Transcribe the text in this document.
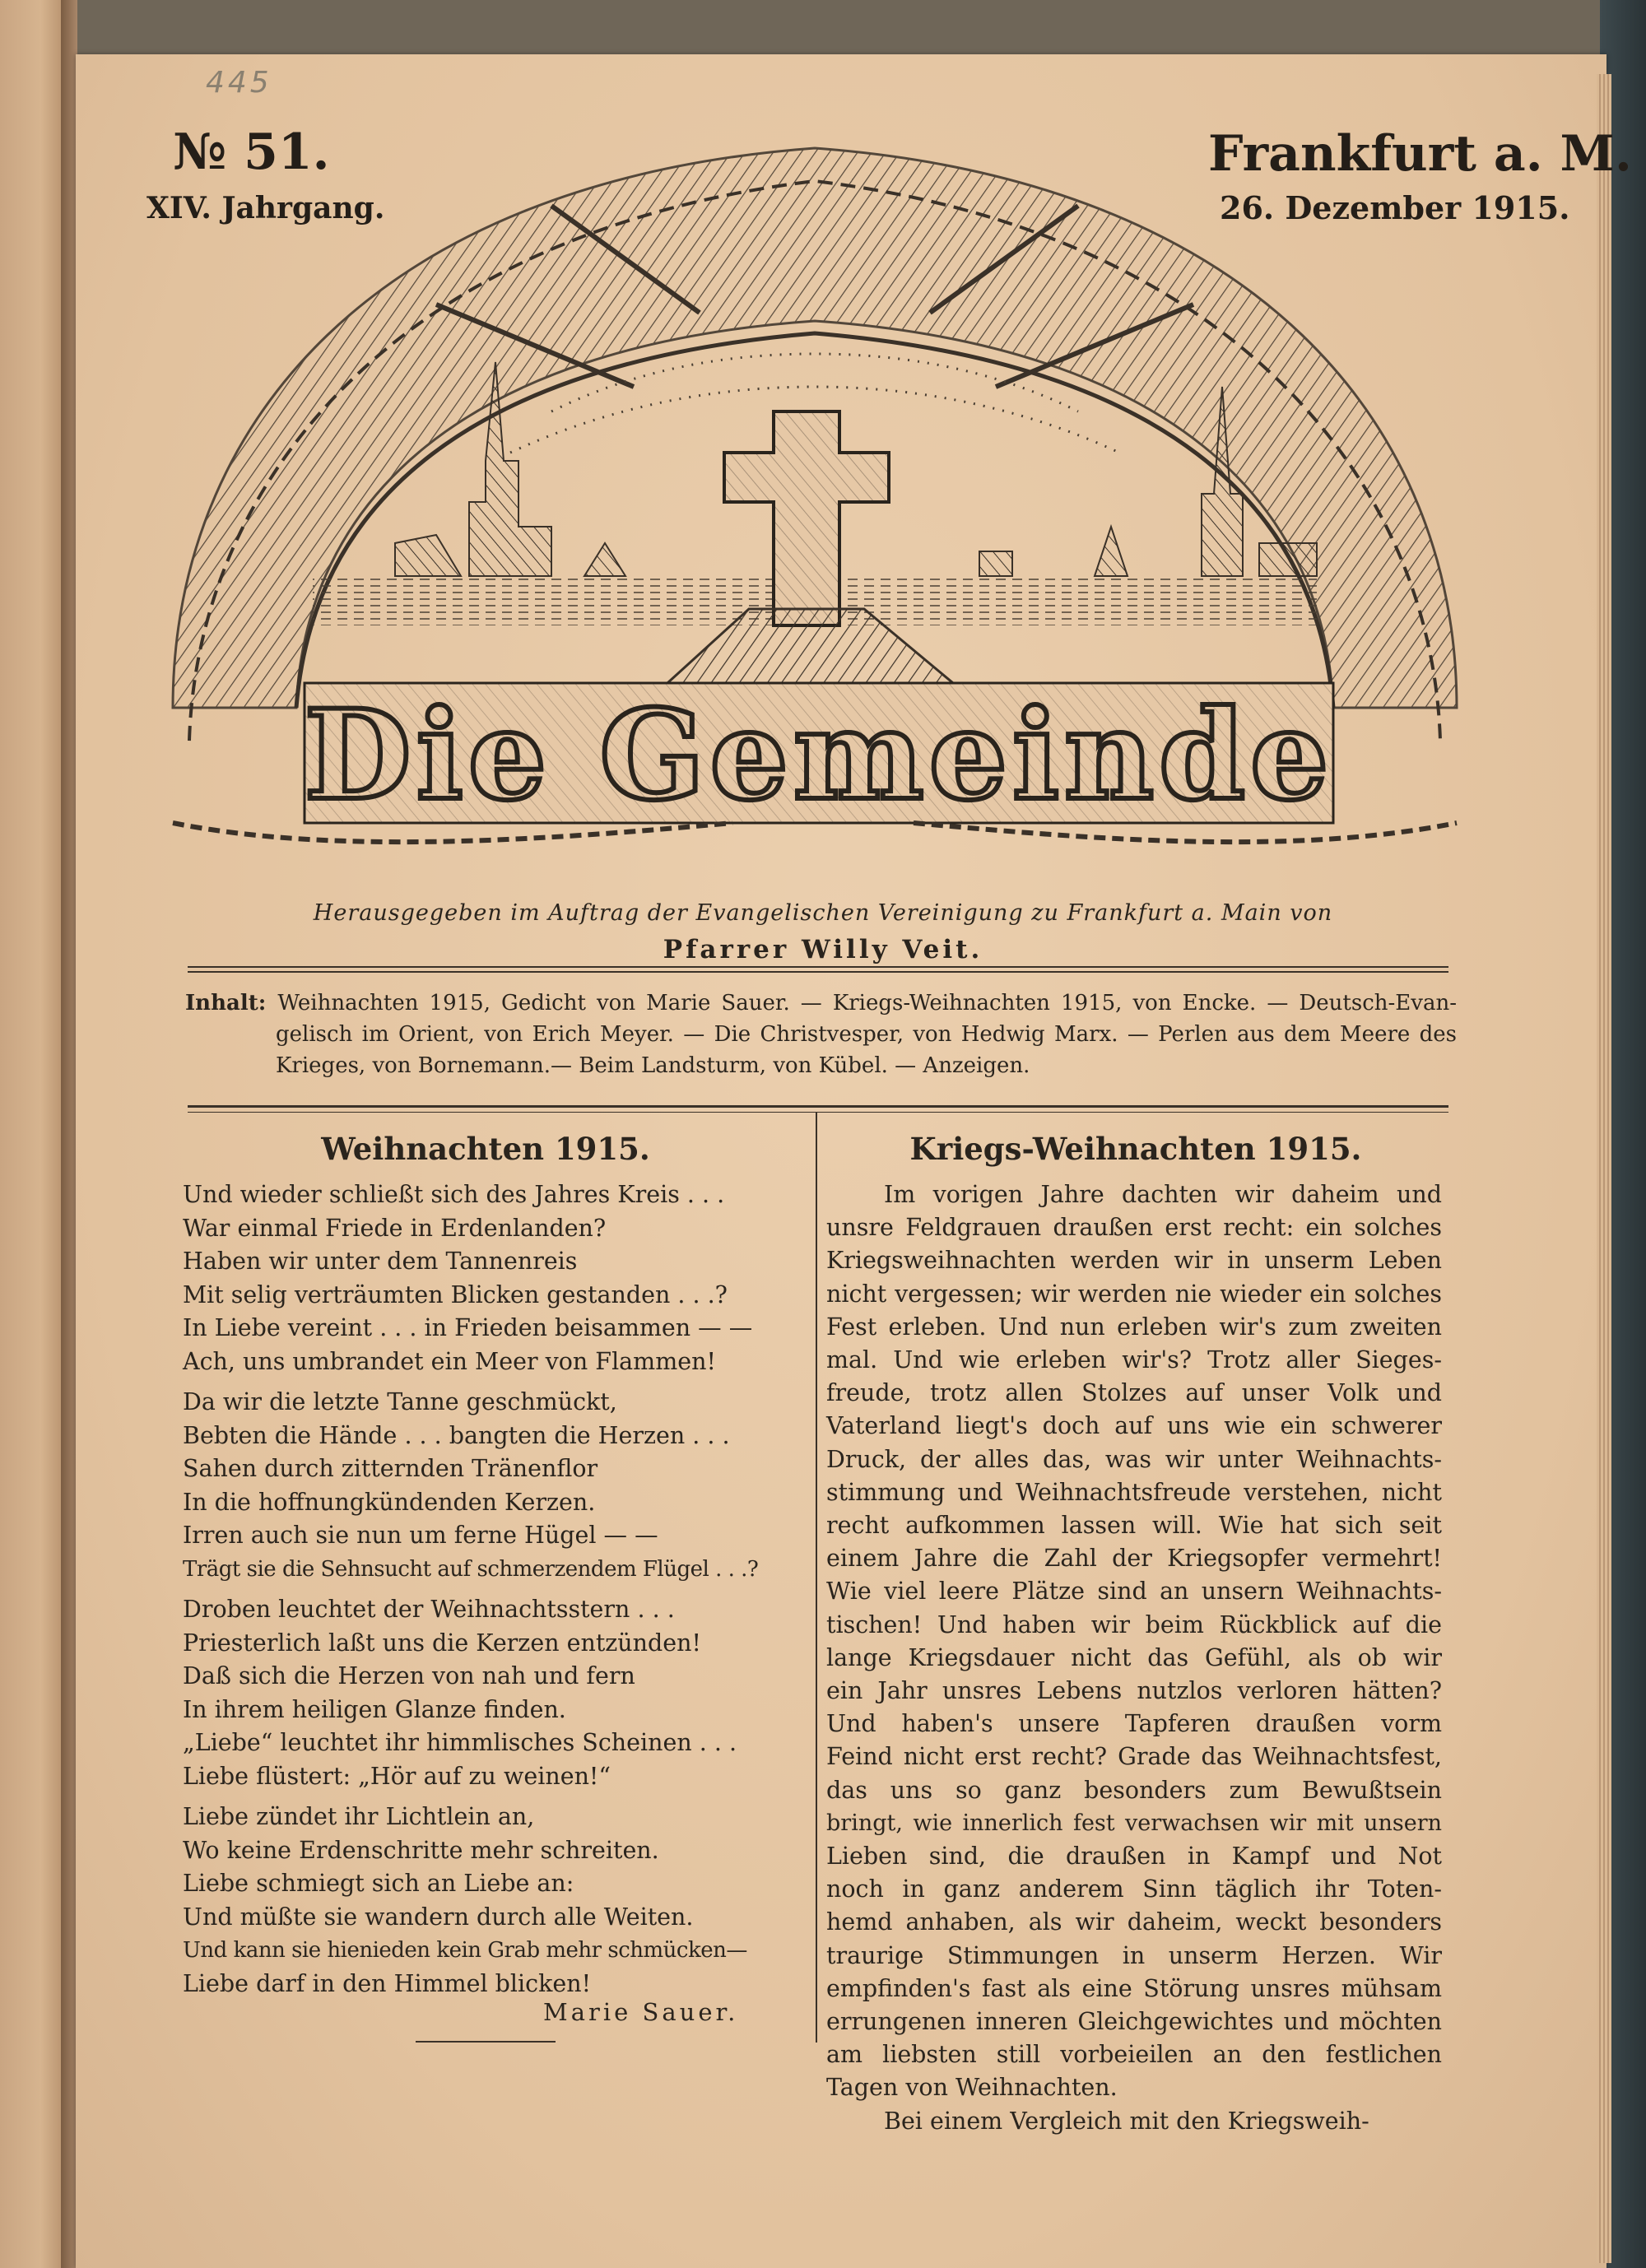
445
№ 51.
XIV. Jahrgang.
Frankfurt a. M.
26. Dezember 1915.
Die Gemeinde
Herausgegeben im Auftrag der Evangelischen Vereinigung zu Frankfurt a. Main von
Pfarrer Willy Veit.
Inhalt: Weihnachten 1915, Gedicht von Marie Sauer. — Kriegs-Weihnachten 1915, von Encke. — Deutsch-Evan-
gelisch im Orient, von Erich Meyer. — Die Christvesper, von Hedwig Marx. — Perlen aus dem Meere des
Krieges, von Bornemann.— Beim Landsturm, von Kübel. — Anzeigen.
Weihnachten 1915.
Und wieder schließt sich des Jahres Kreis . . .
War einmal Friede in Erdenlanden?
Haben wir unter dem Tannenreis
Mit selig verträumten Blicken gestanden . . .?
In Liebe vereint . . . in Frieden beisammen — —
Ach, uns umbrandet ein Meer von Flammen!
Da wir die letzte Tanne geschmückt,
Bebten die Hände . . . bangten die Herzen . . .
Sahen durch zitternden Tränenflor
In die hoffnungkündenden Kerzen.
Irren auch sie nun um ferne Hügel — —
Trägt sie die Sehnsucht auf schmerzendem Flügel . . .?
Droben leuchtet der Weihnachtsstern . . .
Priesterlich laßt uns die Kerzen entzünden!
Daß sich die Herzen von nah und fern
In ihrem heiligen Glanze finden.
„Liebe“ leuchtet ihr himmlisches Scheinen . . .
Liebe flüstert: „Hör auf zu weinen!“
Liebe zündet ihr Lichtlein an,
Wo keine Erdenschritte mehr schreiten.
Liebe schmiegt sich an Liebe an:
Und müßte sie wandern durch alle Weiten.
Und kann sie hienieden kein Grab mehr schmücken—
Liebe darf in den Himmel blicken!
Marie Sauer.
Kriegs-Weihnachten 1915.
Im vorigen Jahre dachten wir daheim und
unsre Feldgrauen draußen erst recht: ein solches
Kriegsweihnachten werden wir in unserm Leben
nicht vergessen; wir werden nie wieder ein solches
Fest erleben. Und nun erleben wir's zum zweiten
mal. Und wie erleben wir's? Trotz aller Sieges-
freude, trotz allen Stolzes auf unser Volk und
Vaterland liegt's doch auf uns wie ein schwerer
Druck, der alles das, was wir unter Weihnachts-
stimmung und Weihnachtsfreude verstehen, nicht
recht aufkommen lassen will. Wie hat sich seit
einem Jahre die Zahl der Kriegsopfer vermehrt!
Wie viel leere Plätze sind an unsern Weihnachts-
tischen! Und haben wir beim Rückblick auf die
lange Kriegsdauer nicht das Gefühl, als ob wir
ein Jahr unsres Lebens nutzlos verloren hätten?
Und haben's unsere Tapferen draußen vorm
Feind nicht erst recht? Grade das Weihnachtsfest,
das uns so ganz besonders zum Bewußtsein
bringt, wie innerlich fest verwachsen wir mit unsern
Lieben sind, die draußen in Kampf und Not
noch in ganz anderem Sinn täglich ihr Toten-
hemd anhaben, als wir daheim, weckt besonders
traurige Stimmungen in unserm Herzen. Wir
empfinden's fast als eine Störung unsres mühsam
errungenen inneren Gleichgewichtes und möchten
am liebsten still vorbeieilen an den festlichen
Tagen von Weihnachten.
Bei einem Vergleich mit den Kriegsweih-
